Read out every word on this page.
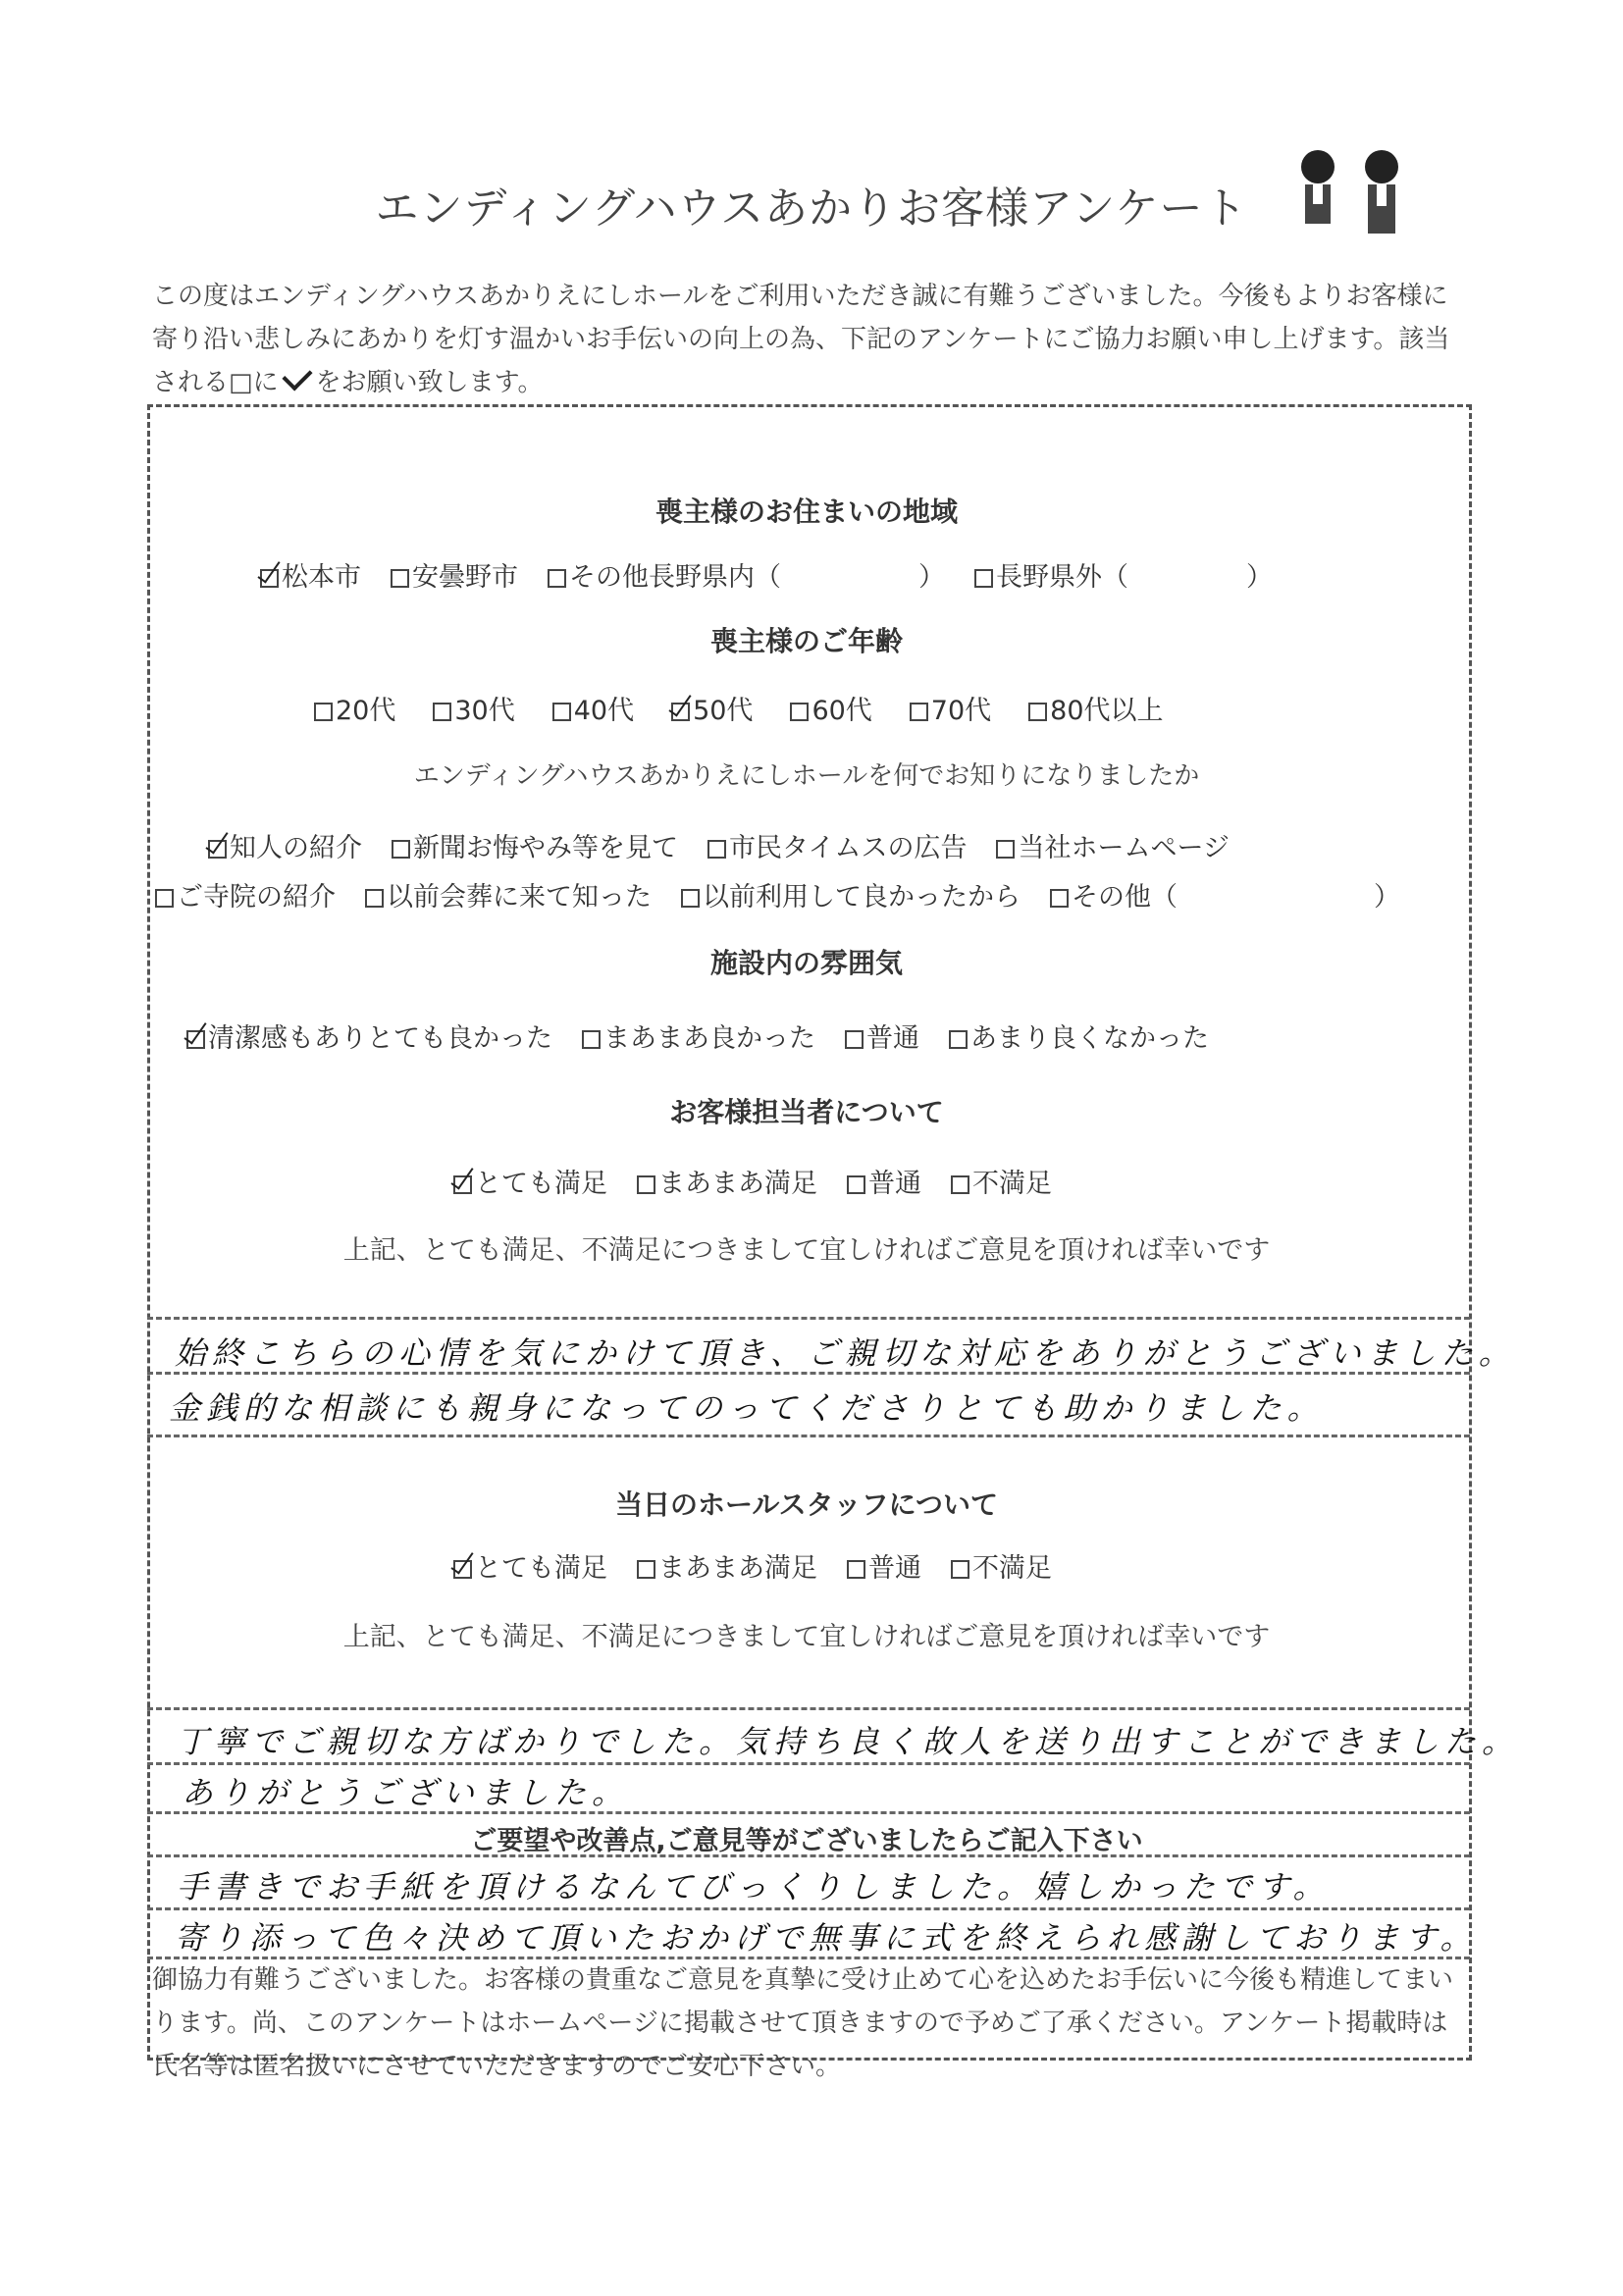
エンディングハウスあかりお客様アンケート
この度はエンディングハウスあかりえにしホールをご利用いただき誠に有難うございました。今後もよりお客様に寄り沿い悲しみにあかりを灯す温かいお手伝いの向上の為、下記のアンケートにご協力お願い申し上げます。該当される□に をお願い致します。
喪主様のお住まいの地域
松本市 安曇野市 その他長野県内（	） 長野県外（	）
喪主様のご年齢
20代 30代 40代 50代 60代 70代 80代以上
エンディングハウスあかりえにしホールを何でお知りになりましたか
知人の紹介 新聞お悔やみ等を見て 市民タイムスの広告 当社ホームページ
ご寺院の紹介 以前会葬に来て知った 以前利用して良かったから その他（	）
施設内の雰囲気
清潔感もありとても良かった まあまあ良かった 普通 あまり良くなかった
お客様担当者について
とても満足 まあまあ満足 普通 不満足
上記、とても満足、不満足につきまして宜しければご意見を頂ければ幸いです
始終こちらの心情を気にかけて頂き、ご親切な対応をありがとうございました。
金銭的な相談にも親身になってのってくださりとても助かりました。
当日のホールスタッフについて
とても満足 まあまあ満足 普通 不満足
上記、とても満足、不満足につきまして宜しければご意見を頂ければ幸いです
丁寧でご親切な方ばかりでした。気持ち良く故人を送り出すことができました。
ありがとうございました。
ご要望や改善点,ご意見等がございましたらご記入下さい
手書きでお手紙を頂けるなんてびっくりしました。嬉しかったです。
寄り添って色々決めて頂いたおかげで無事に式を終えられ感謝しております。
御協力有難うございました。お客様の貴重なご意見を真摯に受け止めて心を込めたお手伝いに今後も精進してまいります。尚、このアンケートはホームページに掲載させて頂きますので予めご了承ください。アンケート掲載時は氏名等は匿名扱いにさせていただきますのでご安心下さい。
